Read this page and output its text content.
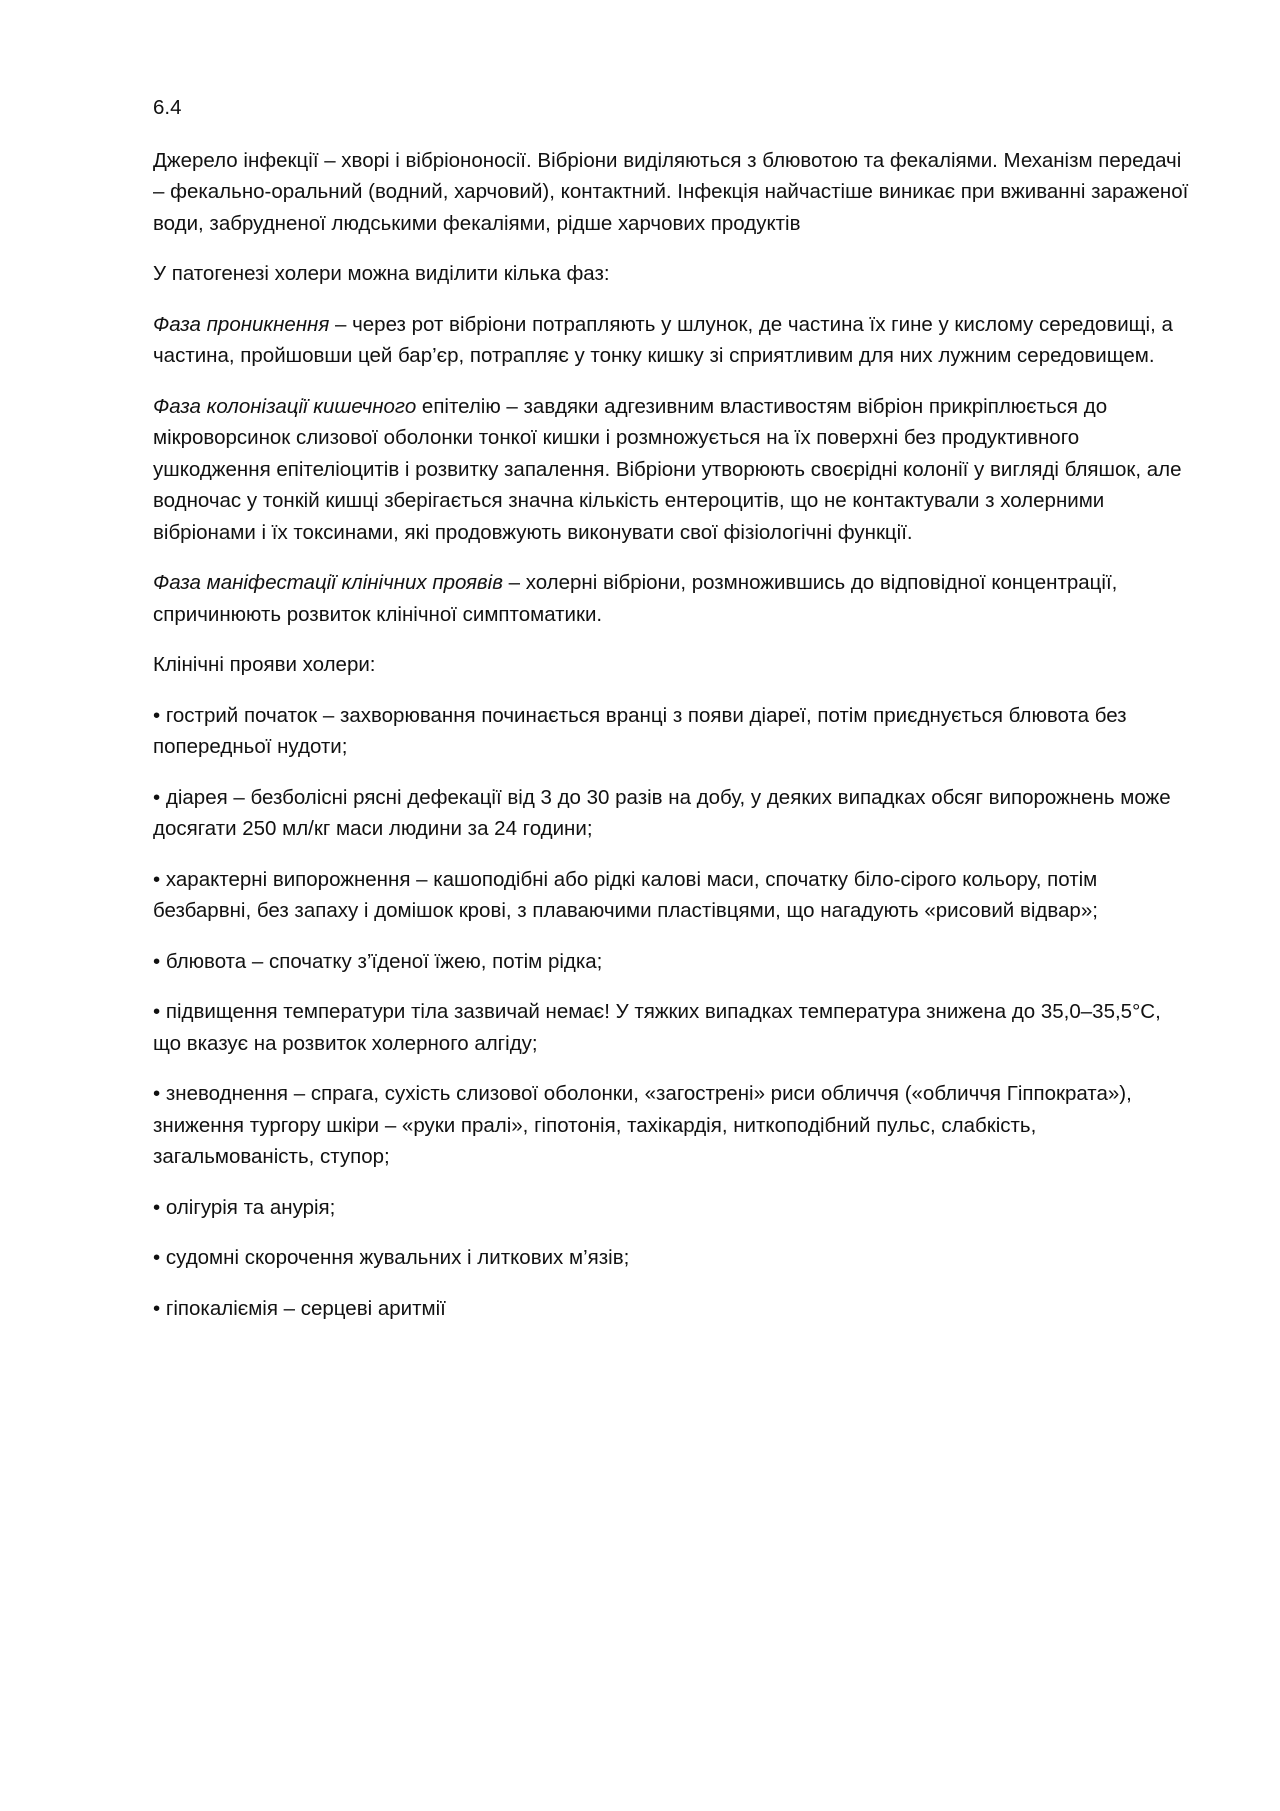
6.4

Джерело інфекції – хворі і вібріононосії. Вібріони виділяються з блювотою та фекаліями. Механізм передачі – фекально-оральний (водний, харчовий), контактний. Інфекція найчастіше виникає при вживанні зараженої води, забрудненої людськими фекаліями, рідше харчових продуктів

У патогенезі холери можна виділити кілька фаз:

Фаза проникнення – через рот вібріони потрапляють у шлунок, де частина їх гине у кислому середовищі, а частина, пройшовши цей бар’єр, потрапляє у тонку кишку зі сприятливим для них лужним середовищем.

Фаза колонізації кишечного епітелію – завдяки адгезивним властивостям вібріон прикріплюється до мікроворсинок слизової оболонки тонкої кишки і розмножується на їх поверхні без продуктивного ушкодження епітеліоцитів і розвитку запалення. Вібріони утворюють своєрідні колонії у вигляді бляшок, але водночас у тонкій кишці зберігається значна кількість ентероцитів, що не контактували з холерними вібріонами і їх токсинами, які продовжують виконувати свої фізіологічні функції.

Фаза маніфестації клінічних проявів – холерні вібріони, розмножившись до відповідної концентрації, спричинюють розвиток клінічної симптоматики.

Клінічні прояви холери:

• гострий початок – захворювання починається вранці з появи діареї, потім приєднується блювота без попередньої нудоти;

• діарея – безболісні рясні дефекації від 3 до 30 разів на добу, у деяких випадках обсяг випорожнень може досягати 250 мл/кг маси людини за 24 години;

• характерні випорожнення – кашоподібні або рідкі калові маси, спочатку біло-сірого кольору, потім безбарвні, без запаху і домішок крові, з плаваючими пластівцями, що нагадують «рисовий відвар»;

• блювота – спочатку з’їденої їжею, потім рідка;

• підвищення температури тіла зазвичай немає! У тяжких випадках температура знижена до 35,0–35,5°С, що вказує на розвиток холерного алгіду;

• зневоднення – спрага, сухість слизової оболонки, «загострені» риси обличчя («обличчя Гіппократа»), зниження тургору шкіри – «руки пралі», гіпотонія, тахікардія, ниткоподібний пульс, слабкість, загальмованість, ступор;

• олігурія та анурія;

• судомні скорочення жувальних і литкових м’язів;

• гіпокаліємія – серцеві аритмії
